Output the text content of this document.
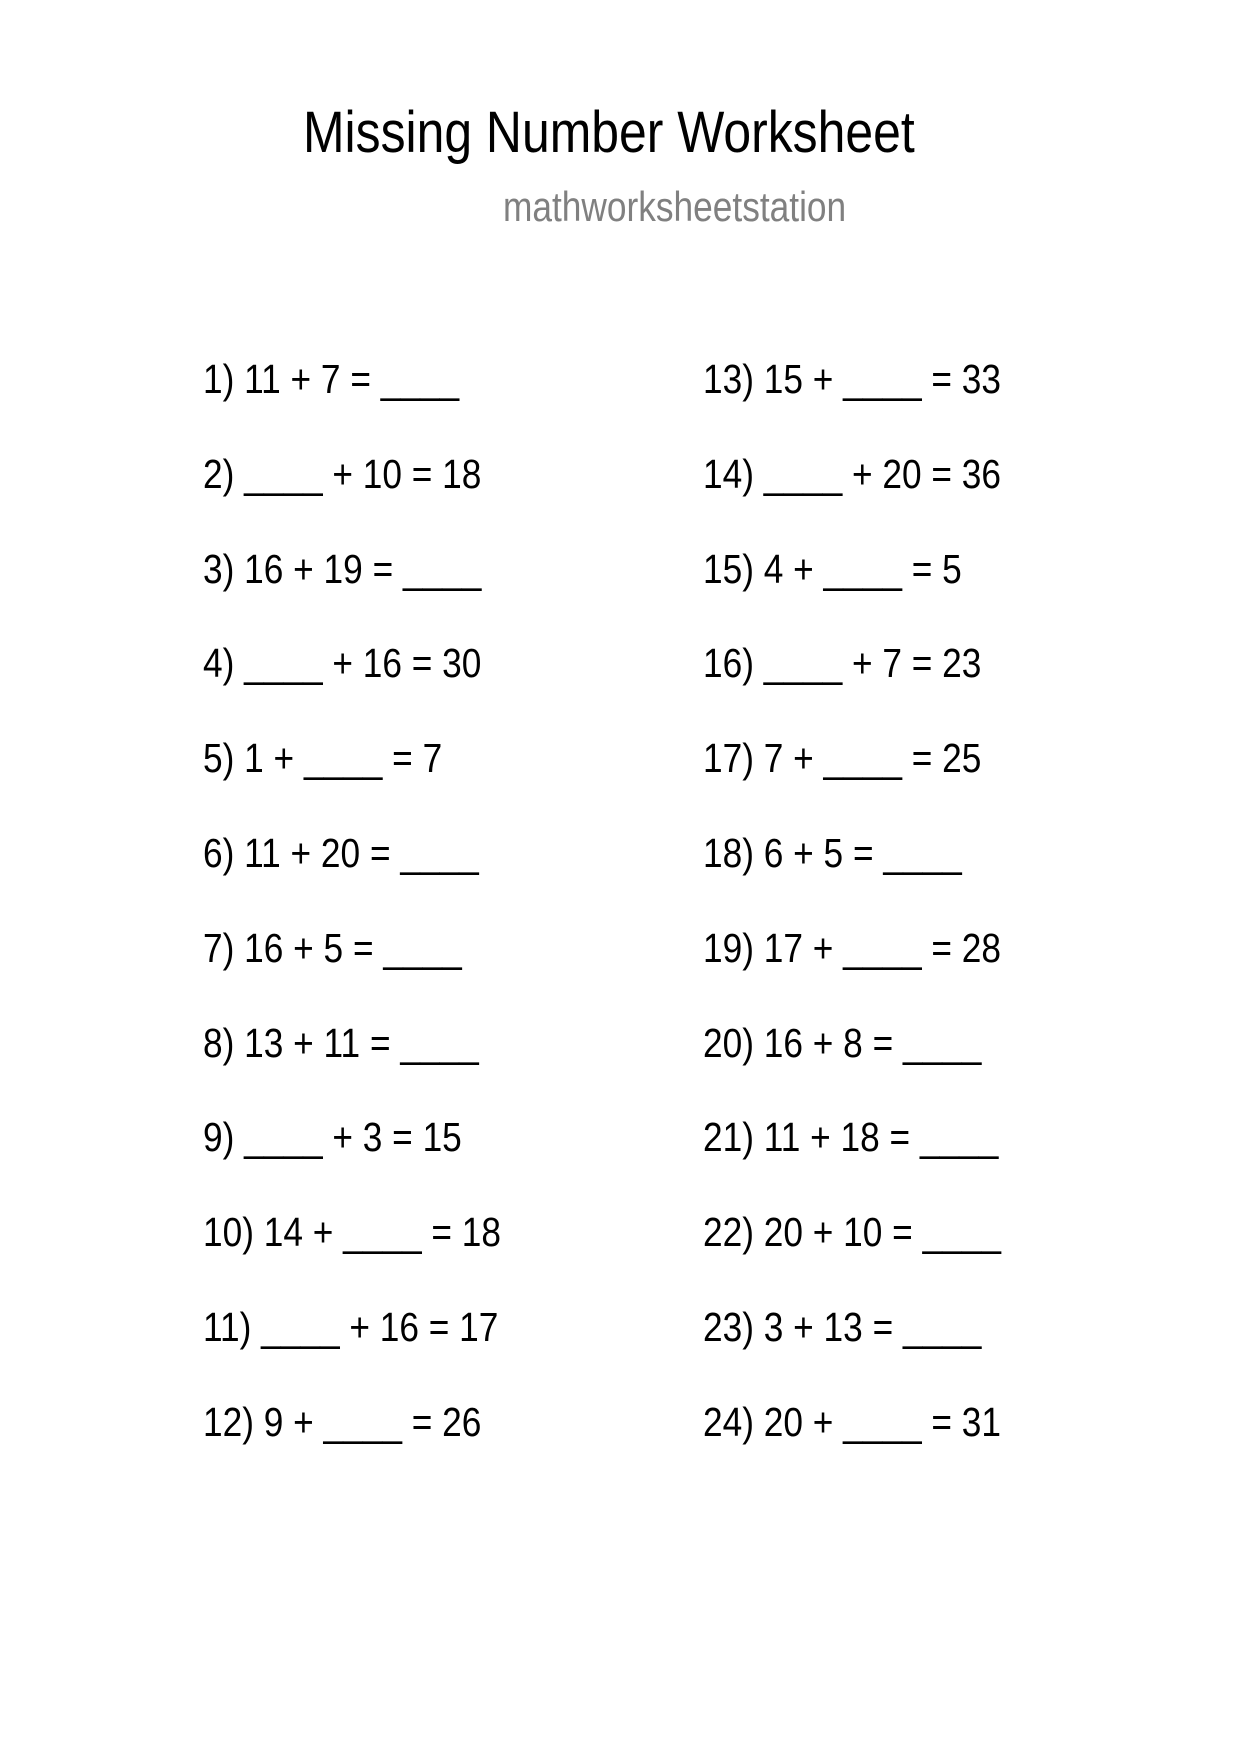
Missing Number Worksheet
mathworksheetstation
1) 11 + 7 = ____
2) ____ + 10 = 18
3) 16 + 19 = ____
4) ____ + 16 = 30
5) 1 + ____ = 7
6) 11 + 20 = ____
7) 16 + 5 = ____
8) 13 + 11 = ____
9) ____ + 3 = 15
10) 14 + ____ = 18
11) ____ + 16 = 17
12) 9 + ____ = 26
13) 15 + ____ = 33
14) ____ + 20 = 36
15) 4 + ____ = 5
16) ____ + 7 = 23
17) 7 + ____ = 25
18) 6 + 5 = ____
19) 17 + ____ = 28
20) 16 + 8 = ____
21) 11 + 18 = ____
22) 20 + 10 = ____
23) 3 + 13 = ____
24) 20 + ____ = 31
